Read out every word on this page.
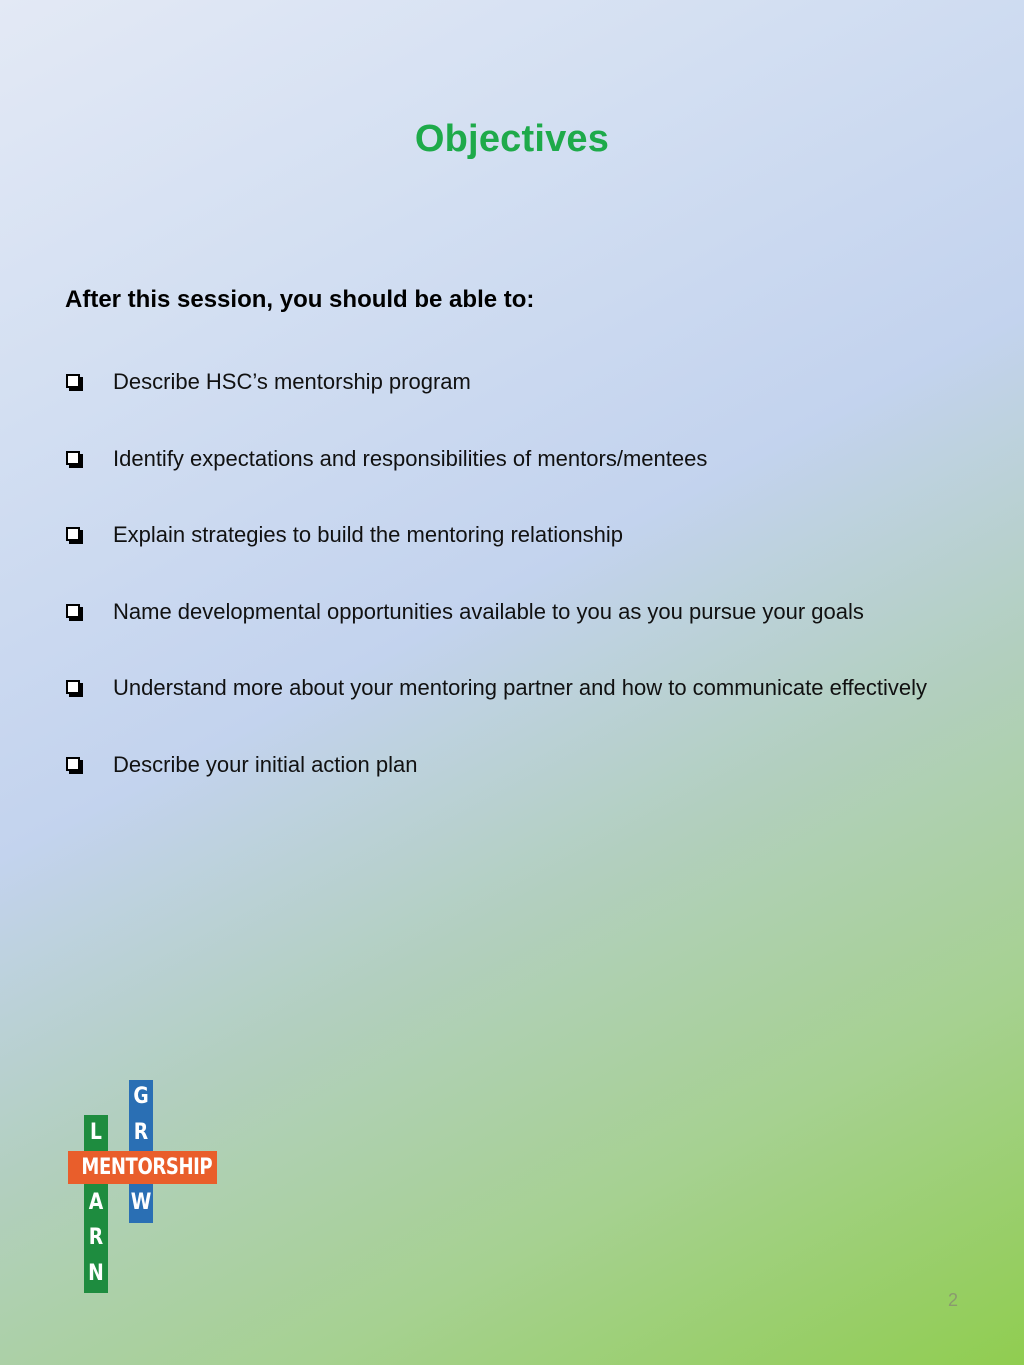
Objectives

After this session, you should be able to:

Describe HSC’s mentorship program
Identify expectations and responsibilities of mentors/mentees
Explain strategies to build the mentoring relationship
Name developmental opportunities available to you as you pursue your goals
Understand more about your mentoring partner and how to communicate effectively
Describe your initial action plan
G
R
W
L
A
R
N
MENTORSHIP
2
